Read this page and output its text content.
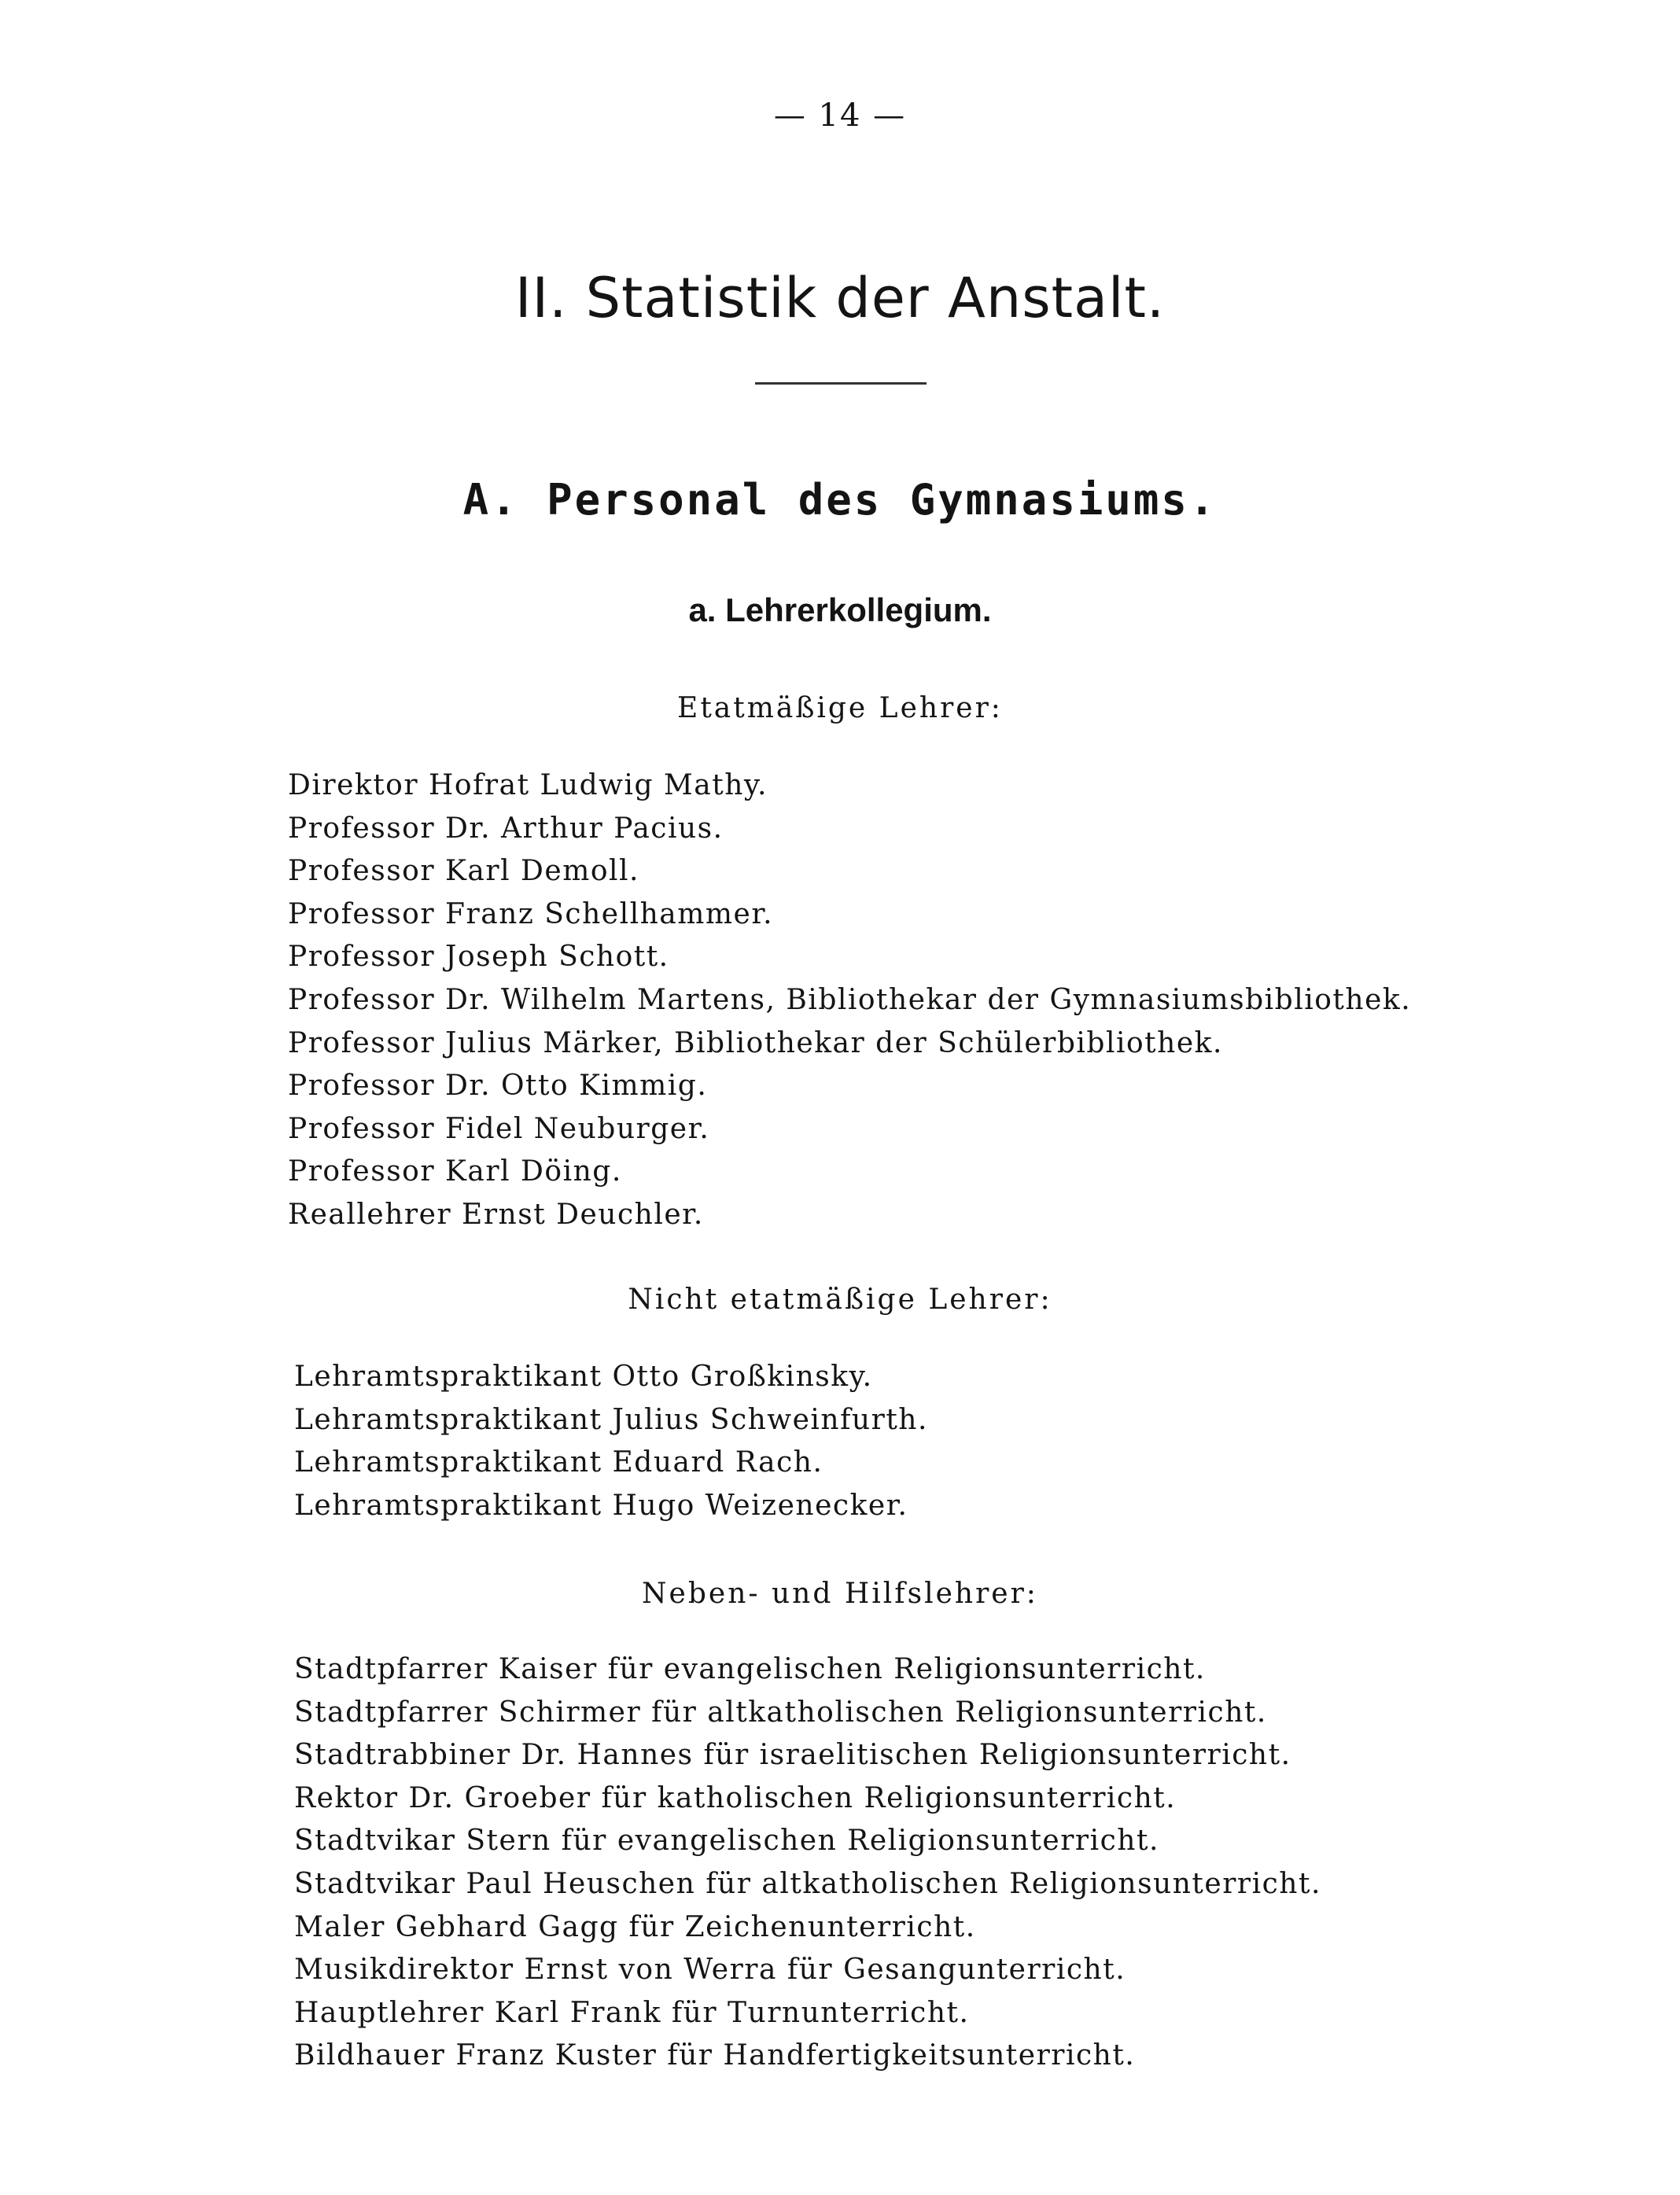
— 14 —
II. Statistik der Anstalt.
A. Personal des Gymnasiums.
a. Lehrerkollegium.
Etatmäßige Lehrer:
Direktor Hofrat Ludwig Mathy.
Professor Dr. Arthur Pacius.
Professor Karl Demoll.
Professor Franz Schellhammer.
Professor Joseph Schott.
Professor Dr. Wilhelm Martens, Bibliothekar der Gymnasiumsbibliothek.
Professor Julius Märker, Bibliothekar der Schülerbibliothek.
Professor Dr. Otto Kimmig.
Professor Fidel Neuburger.
Professor Karl Döing.
Reallehrer Ernst Deuchler.
Nicht etatmäßige Lehrer:
Lehramtspraktikant Otto Großkinsky.
Lehramtspraktikant Julius Schweinfurth.
Lehramtspraktikant Eduard Rach.
Lehramtspraktikant Hugo Weizenecker.
Neben- und Hilfslehrer:
Stadtpfarrer Kaiser für evangelischen Religionsunterricht.
Stadtpfarrer Schirmer für altkatholischen Religionsunterricht.
Stadtrabbiner Dr. Hannes für israelitischen Religionsunterricht.
Rektor Dr. Groeber für katholischen Religionsunterricht.
Stadtvikar Stern für evangelischen Religionsunterricht.
Stadtvikar Paul Heuschen für altkatholischen Religionsunterricht.
Maler Gebhard Gagg für Zeichenunterricht.
Musikdirektor Ernst von Werra für Gesangunterricht.
Hauptlehrer Karl Frank für Turnunterricht.
Bildhauer Franz Kuster für Handfertigkeitsunterricht.
